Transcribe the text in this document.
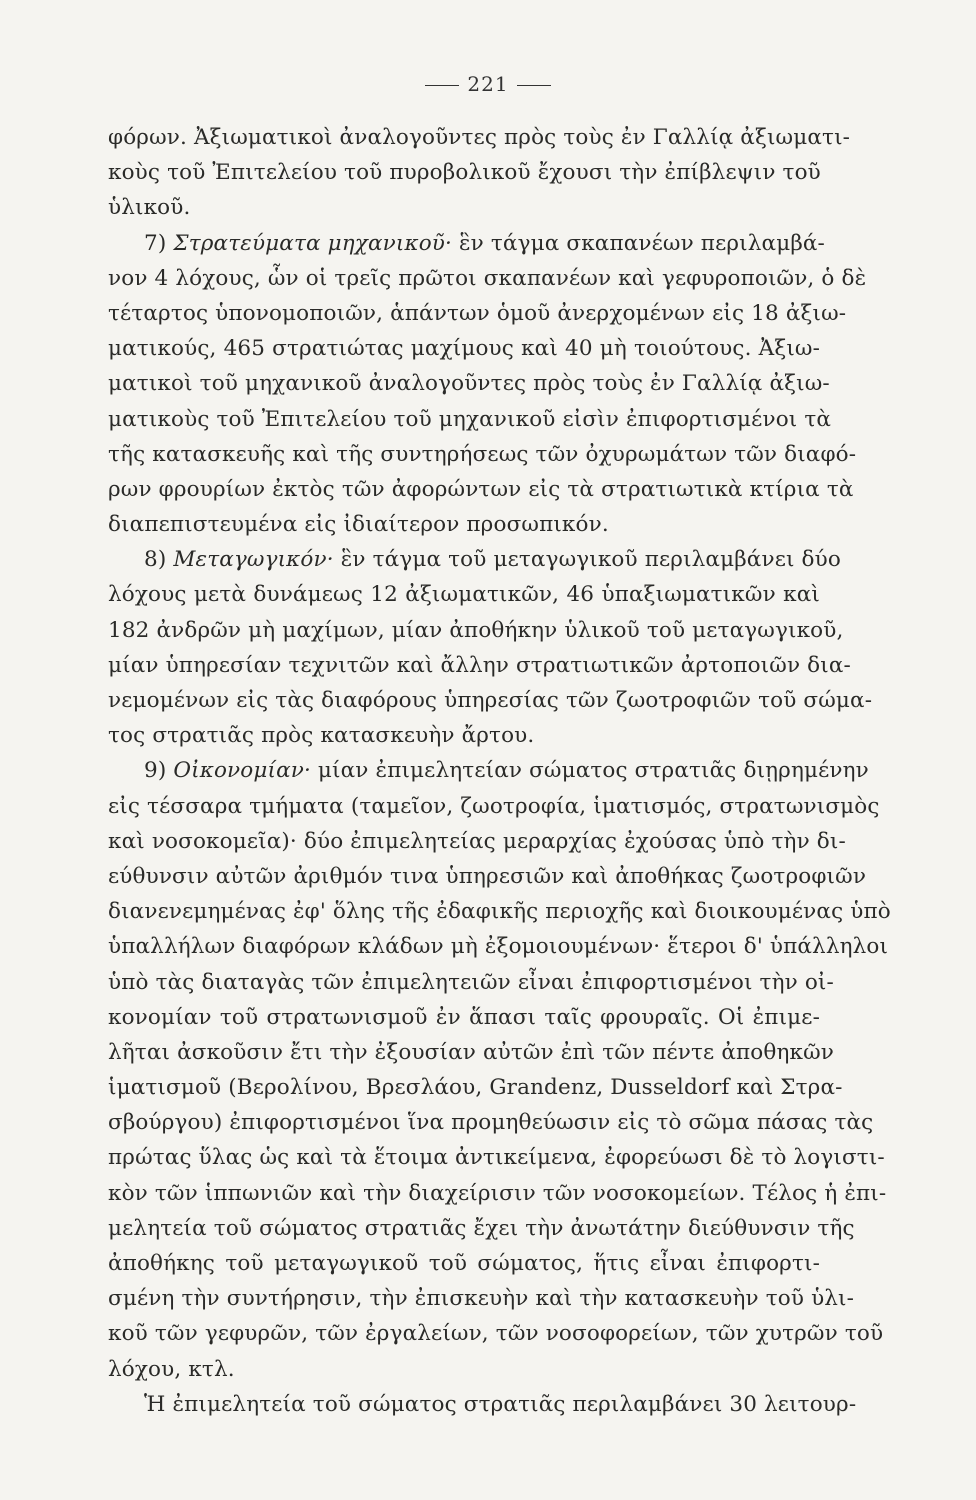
221
φόρων. Ἀξιωματικοὶ ἀναλογοῦντες πρὸς τοὺς ἐν Γαλλίᾳ ἀξιωματι-
κοὺς τοῦ Ἐπιτελείου τοῦ πυροβολικοῦ ἔχουσι τὴν ἐπίβλεψιν τοῦ
ὑλικοῦ.
7) Στρατεύματα μηχανικοῦ· ἓν τάγμα σκαπανέων περιλαμβά-
νον 4 λόχους, ὧν οἱ τρεῖς πρῶτοι σκαπανέων καὶ γεφυροποιῶν, ὁ δὲ
τέταρτος ὑπονομοποιῶν, ἁπάντων ὁμοῦ ἀνερχομένων εἰς 18 ἀξιω-
ματικούς, 465 στρατιώτας μαχίμους καὶ 40 μὴ τοιούτους. Ἀξιω-
ματικοὶ τοῦ μηχανικοῦ ἀναλογοῦντες πρὸς τοὺς ἐν Γαλλίᾳ ἀξιω-
ματικοὺς τοῦ Ἐπιτελείου τοῦ μηχανικοῦ εἰσὶν ἐπιφορτισμένοι τὰ
τῆς κατασκευῆς καὶ τῆς συντηρήσεως τῶν ὀχυρωμάτων τῶν διαφό-
ρων φρουρίων ἐκτὸς τῶν ἀφορώντων εἰς τὰ στρατιωτικὰ κτίρια τὰ
διαπεπιστευμένα εἰς ἰδιαίτερον προσωπικόν.
8) Μεταγωγικόν· ἓν τάγμα τοῦ μεταγωγικοῦ περιλαμβάνει δύο
λόχους μετὰ δυνάμεως 12 ἀξιωματικῶν, 46 ὑπαξιωματικῶν καὶ
182 ἀνδρῶν μὴ μαχίμων, μίαν ἀποθήκην ὑλικοῦ τοῦ μεταγωγικοῦ,
μίαν ὑπηρεσίαν τεχνιτῶν καὶ ἄλλην στρατιωτικῶν ἀρτοποιῶν δια-
νεμομένων εἰς τὰς διαφόρους ὑπηρεσίας τῶν ζωοτροφιῶν τοῦ σώμα-
τος στρατιᾶς πρὸς κατασκευὴν ἄρτου.
9) Οἰκονομίαν· μίαν ἐπιμελητείαν σώματος στρατιᾶς διῃρημένην
εἰς τέσσαρα τμήματα (ταμεῖον, ζωοτροφία, ἱματισμός, στρατωνισμὸς
καὶ νοσοκομεῖα)· δύο ἐπιμελητείας μεραρχίας ἐχούσας ὑπὸ τὴν δι-
εύθυνσιν αὐτῶν ἀριθμόν τινα ὑπηρεσιῶν καὶ ἀποθήκας ζωοτροφιῶν
διανενεμημένας ἐφ' ὅλης τῆς ἐδαφικῆς περιοχῆς καὶ διοικουμένας ὑπὸ
ὑπαλλήλων διαφόρων κλάδων μὴ ἐξομοιουμένων· ἕτεροι δ' ὑπάλληλοι
ὑπὸ τὰς διαταγὰς τῶν ἐπιμελητειῶν εἶναι ἐπιφορτισμένοι τὴν οἰ-
κονομίαν τοῦ στρατωνισμοῦ ἐν ἅπασι ταῖς φρουραῖς. Οἱ ἐπιμε-
λῆται ἀσκοῦσιν ἔτι τὴν ἐξουσίαν αὐτῶν ἐπὶ τῶν πέντε ἀποθηκῶν
ἱματισμοῦ (Βερολίνου, Βρεσλάου, Grandenz, Dusseldorf καὶ Στρα-
σβούργου) ἐπιφορτισμένοι ἵνα προμηθεύωσιν εἰς τὸ σῶμα πάσας τὰς
πρώτας ὕλας ὡς καὶ τὰ ἕτοιμα ἀντικείμενα, ἐφορεύωσι δὲ τὸ λογιστι-
κὸν τῶν ἱππωνιῶν καὶ τὴν διαχείρισιν τῶν νοσοκομείων. Τέλος ἡ ἐπι-
μελητεία τοῦ σώματος στρατιᾶς ἔχει τὴν ἀνωτάτην διεύθυνσιν τῆς
ἀποθήκης τοῦ μεταγωγικοῦ τοῦ σώματος, ἥτις εἶναι ἐπιφορτι-
σμένη τὴν συντήρησιν, τὴν ἐπισκευὴν καὶ τὴν κατασκευὴν τοῦ ὑλι-
κοῦ τῶν γεφυρῶν, τῶν ἐργαλείων, τῶν νοσοφορείων, τῶν χυτρῶν τοῦ
λόχου, κτλ.
Ἡ ἐπιμελητεία τοῦ σώματος στρατιᾶς περιλαμβάνει 30 λειτουρ-
